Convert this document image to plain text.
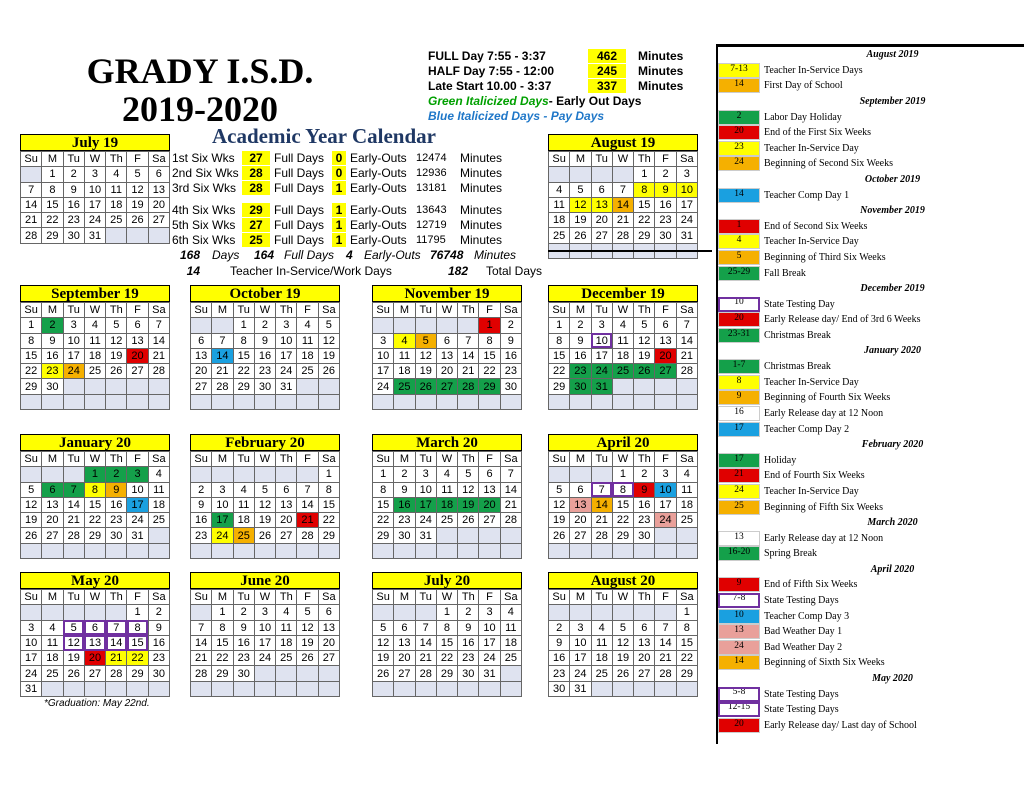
GRADY I.S.D.
2019-2020
Academic Year Calendar
FULL Day 7:55 - 3:37	462	Minutes
HALF Day 7:55 - 12:00	245	Minutes
Late Start 10.00 - 3:37	337	Minutes
Green Italicized Days - Early Out Days
Blue Italicized Days - Pay Days
July 19
Su	M	Tu	W	Th	F	Sa
	1	2	3	4	5	6
7	8	9	10	11	12	13
14	15	16	17	18	19	20
21	22	23	24	25	26	27
28	29	30	31			
August 19
Su	M	Tu	W	Th	F	Sa
				1	2	3
4	5	6	7	8	9	10
11	12	13	14	15	16	17
18	19	20	21	22	23	24
25	26	27	28	29	30	31

September 19
Su	M	Tu	W	Th	F	Sa
1	2	3	4	5	6	7
8	9	10	11	12	13	14
15	16	17	18	19	20	21
22	23	24	25	26	27	28
29	30					

October 19
Su	M	Tu	W	Th	F	Sa
		1	2	3	4	5
6	7	8	9	10	11	12
13	14	15	16	17	18	19
20	21	22	23	24	25	26
27	28	29	30	31		

November 19
Su	M	Tu	W	Th	F	Sa
					1	2
3	4	5	6	7	8	9
10	11	12	13	14	15	16
17	18	19	20	21	22	23
24	25	26	27	28	29	30

December 19
Su	M	Tu	W	Th	F	Sa
1	2	3	4	5	6	7
8	9	10	11	12	13	14
15	16	17	18	19	20	21
22	23	24	25	26	27	28
29	30	31				

January 20
Su	M	Tu	W	Th	F	Sa
			1	2	3	4
5	6	7	8	9	10	11
12	13	14	15	16	17	18
19	20	21	22	23	24	25
26	27	28	29	30	31	

February 20
Su	M	Tu	W	Th	F	Sa
						1
2	3	4	5	6	7	8
9	10	11	12	13	14	15
16	17	18	19	20	21	22
23	24	25	26	27	28	29

March 20
Su	M	Tu	W	Th	F	Sa
1	2	3	4	5	6	7
8	9	10	11	12	13	14
15	16	17	18	19	20	21
22	23	24	25	26	27	28
29	30	31				

April 20
Su	M	Tu	W	Th	F	Sa
			1	2	3	4
5	6	7	8	9	10	11
12	13	14	15	16	17	18
19	20	21	22	23	24	25
26	27	28	29	30		

May 20
Su	M	Tu	W	Th	F	Sa
					1	2
3	4	5	6	7	8	9
10	11	12	13	14	15	16
17	18	19	20	21	22	23
24	25	26	27	28	29	30
31						
June 20
Su	M	Tu	W	Th	F	Sa
	1	2	3	4	5	6
7	8	9	10	11	12	13
14	15	16	17	18	19	20
21	22	23	24	25	26	27
28	29	30				

July 20
Su	M	Tu	W	Th	F	Sa
			1	2	3	4
5	6	7	8	9	10	11
12	13	14	15	16	17	18
19	20	21	22	23	24	25
26	27	28	29	30	31	

August 20
Su	M	Tu	W	Th	F	Sa
						1
2	3	4	5	6	7	8
9	10	11	12	13	14	15
16	17	18	19	20	21	22
23	24	25	26	27	28	29
30	31					
1st Six Wks	27 Full Days 0 Early-Outs 12474	Minutes
2nd Six Wks 28 Full Days 0 Early-Outs 12936	Minutes
3rd Six Wks	28 Full Days 1 Early-Outs 13181	Minutes
4th Six Wks	29 Full Days 1 Early-Outs 13643	Minutes
5th Six Wks	27 Full Days 1 Early-Outs 12719	Minutes
6th Six Wks	25 Full Days 1 Early-Outs 11795	Minutes
168	Days	164 Full Days 4 Early-Outs 76748 Minutes
14	Teacher In-Service/Work Days	182	Total Days
*Graduation: May 22nd.
August 2019
7-13	Teacher In-Service Days
14	First Day of School
September 2019
2	Labor Day Holiday
20	End of the First Six Weeks
23	Teacher In-Service Day
24	Beginning of Second Six Weeks
October 2019
14	Teacher Comp Day 1
November 2019
1	End of Second Six Weeks
4	Teacher In-Service Day
5	Beginning of Third Six Weeks
25-29	Fall Break
December 2019
10	State Testing Day
20	Early Release day/ End of 3rd 6 Weeks
23-31	Christmas Break
January 2020
1-7	Christmas Break
8	Teacher In-Service Day
9	Beginning of Fourth Six Weeks
16	Early Release day at 12 Noon
17	Teacher Comp Day 2
February 2020
17	Holiday
21	End of Fourth Six Weeks
24	Teacher In-Service Day
25	Beginning of Fifth Six Weeks
March 2020
13	Early Release day at 12 Noon
16-20	Spring Break
April 2020
9	End of Fifth Six Weeks
7-8	State Testing Days
10	Teacher Comp Day 3
13	Bad Weather Day 1
24	Bad Weather Day 2
14	Beginning of Sixth Six Weeks
May 2020
5-8	State Testing Days
12-15	State Testing Days
20	Early Release day/ Last day of School
